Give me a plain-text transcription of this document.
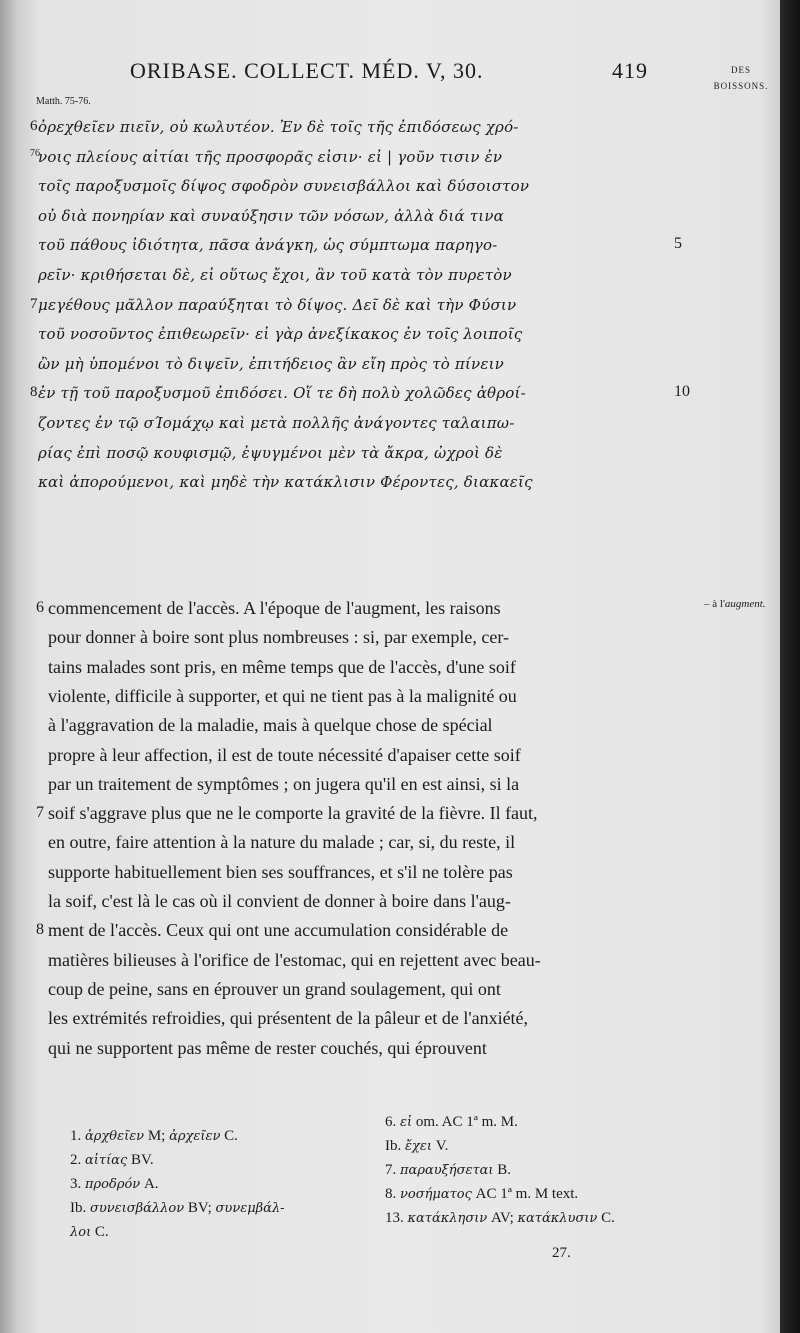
ORIBASE. COLLECT. MÉD. V, 30.	419	DES
BOISSONS.
Matth. 75-76.
ὀρεχθεῖεν πιεῖν, οὐ κωλυτέον. Ἐν δὲ τοῖς τῆς ἐπιδόσεως χρό-
6
νοις πλείους αἰτίαι τῆς προσφορᾶς εἰσιν· εἰ | γοῦν τισιν ἐν
76
τοῖς παροξυσμοῖς δίψος σφοδρὸν συνεισβάλλοι καὶ δύσοιστον
οὐ διὰ πονηρίαν καὶ συναύξησιν τῶν νόσων, ἀλλὰ διά τινα
τοῦ πάθους ἰδιότητα, πᾶσα ἀνάγκη, ὡς σύμπτωμα παρηγο-
ρεῖν· κριθήσεται δὲ, εἰ οὕτως ἔχοι, ἂν τοῦ κατὰ τὸν πυρετὸν
μεγέθους μᾶλλον παραύξηται τὸ δίψος. Δεῖ δὲ καὶ τὴν Φύσιν
7
τοῦ νοσοῦντος ἐπιθεωρεῖν· εἰ γὰρ ἀνεξίκακος ἐν τοῖς λοιποῖς
ὢν μὴ ὑπομένοι τὸ διψεῖν, ἐπιτήδειος ἂν εἴη πρὸς τὸ πίνειν
ἐν τῇ τοῦ παροξυσμοῦ ἐπιδόσει. Οἵ τε δὴ πολὺ χολῶδες ἀθροί-
8
ζοντες ἐν τῷ σΊομάχῳ καὶ μετὰ πολλῆς ἀνάγοντες ταλαιπω-
ρίας ἐπὶ ποσῷ κουφισμῷ, ἐψυγμένοι μὲν τὰ ἄκρα, ὠχροὶ δὲ
καὶ ἀπορούμενοι, καὶ μηδὲ τὴν κατάκλισιν Φέροντες, διακαεῖς
5
10
commencement de l'accès. A l'époque de l'augment, les raisons
6
pour donner à boire sont plus nombreuses : si, par exemple, cer-
tains malades sont pris, en même temps que de l'accès, d'une soif
violente, difficile à supporter, et qui ne tient pas à la malignité ou
à l'aggravation de la maladie, mais à quelque chose de spécial
propre à leur affection, il est de toute nécessité d'apaiser cette soif
par un traitement de symptômes ; on jugera qu'il en est ainsi, si la
soif s'aggrave plus que ne le comporte la gravité de la fièvre. Il faut,
7
en outre, faire attention à la nature du malade ; car, si, du reste, il
supporte habituellement bien ses souffrances, et s'il ne tolère pas
la soif, c'est là le cas où il convient de donner à boire dans l'aug-
ment de l'accès. Ceux qui ont une accumulation considérable de
8
matières bilieuses à l'orifice de l'estomac, qui en rejettent avec beau-
coup de peine, sans en éprouver un grand soulagement, qui ont
les extrémités refroidies, qui présentent de la pâleur et de l'anxiété,
qui ne supportent pas même de rester couchés, qui éprouvent
– à l'augment.
1. ἀρχθεῖεν M; ἀρχεῖεν C.
2. αἰτίας BV.
3. πρoδρόν A.
Ib. συνεισβάλλον BV; συνεμβάλ-
λοι C.
6. εἰ om. AC 1ª m. M.
Ib. ἔχει V.
7. παραυξήσεται B.
8. νοσήματος AC 1ª m. M text.
13. κατάκλησιν AV; κατάκλυσιν C.
27.
